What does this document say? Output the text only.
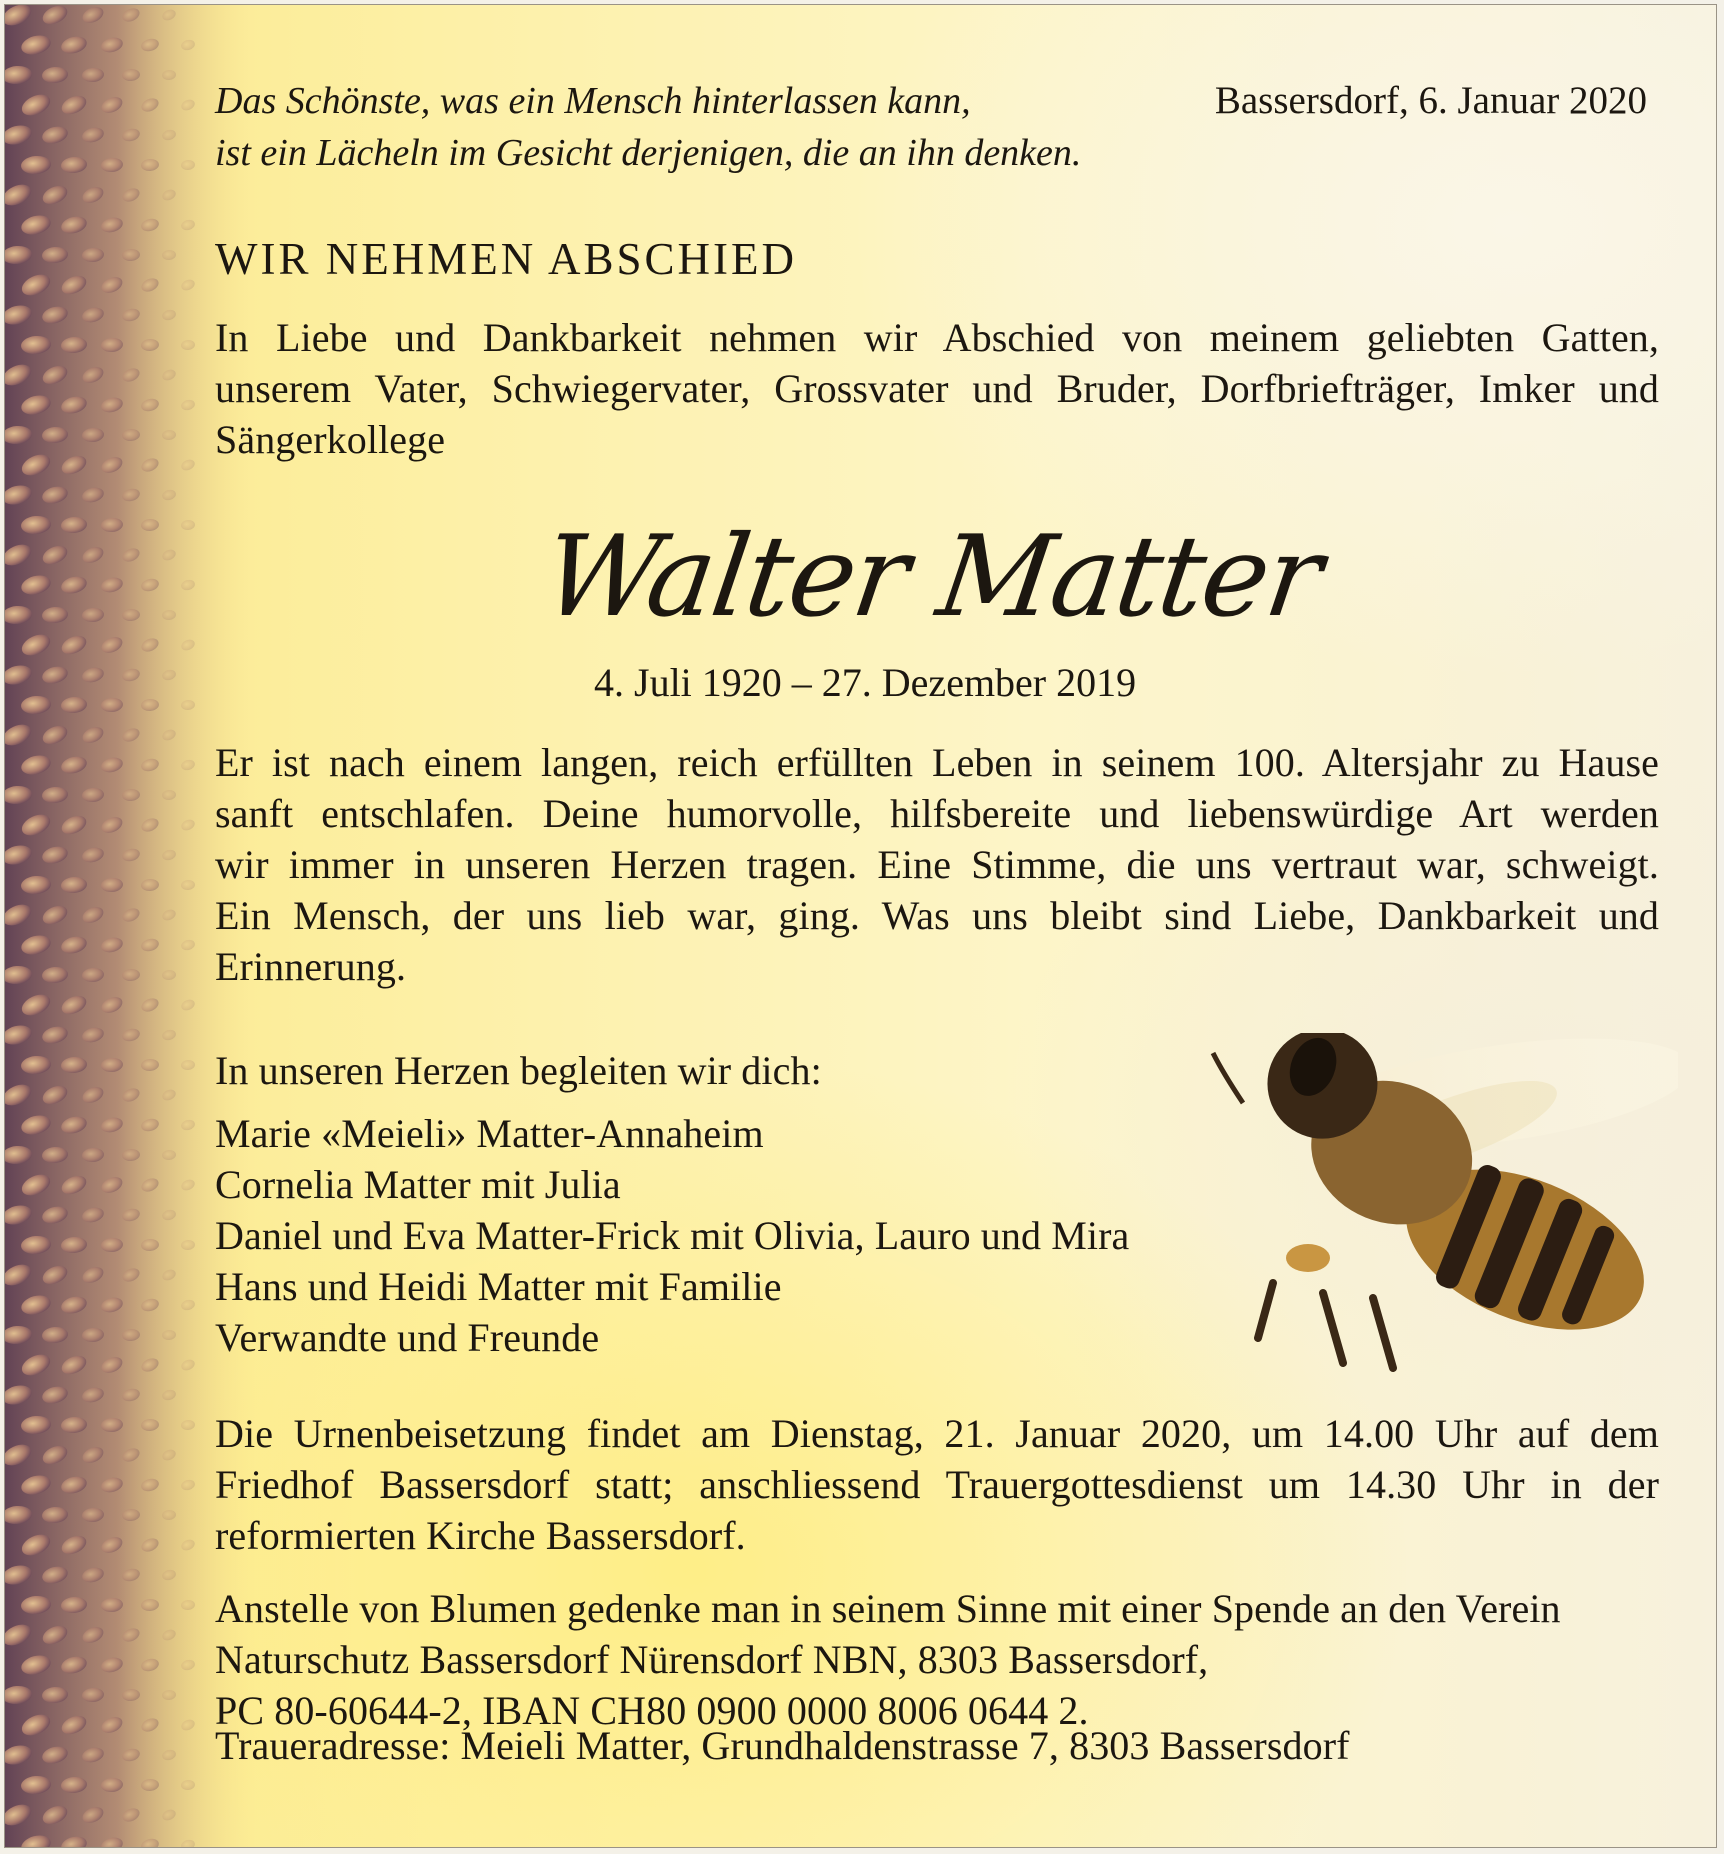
Das Schönste, was ein Mensch hinterlassen kann,
ist ein Lächeln im Gesicht derjenigen, die an ihn denken.
Bassersdorf, 6. Januar 2020
WIR NEHMEN ABSCHIED
In Liebe und Dankbarkeit nehmen wir Abschied von meinem geliebten Gatten,
unserem Vater, Schwiegervater, Grossvater und Bruder, Dorfbriefträger, Imker und
Sängerkollege
Walter Matter
4. Juli 1920 – 27. Dezember 2019
Er ist nach einem langen, reich erfüllten Leben in seinem 100. Altersjahr zu Hause
sanft entschlafen. Deine humorvolle, hilfsbereite und liebenswürdige Art werden
wir immer in unseren Herzen tragen. Eine Stimme, die uns vertraut war, schweigt.
Ein Mensch, der uns lieb war, ging. Was uns bleibt sind Liebe, Dankbarkeit und
Erinnerung.
In unseren Herzen begleiten wir dich:
Marie «Meieli» Matter-Annaheim
Cornelia Matter mit Julia
Daniel und Eva Matter-Frick mit Olivia, Lauro und Mira
Hans und Heidi Matter mit Familie
Verwandte und Freunde
Die Urnenbeisetzung findet am Dienstag, 21. Januar 2020, um 14.00 Uhr auf dem
Friedhof Bassersdorf statt; anschliessend Trauergottesdienst um 14.30 Uhr in der
reformierten Kirche Bassersdorf.
Anstelle von Blumen gedenke man in seinem Sinne mit einer Spende an den Verein
Naturschutz Bassersdorf Nürensdorf NBN, 8303 Bassersdorf,
PC 80-60644-2, IBAN CH80 0900 0000 8006 0644 2.
Traueradresse: Meieli Matter, Grundhaldenstrasse 7, 8303 Bassersdorf
